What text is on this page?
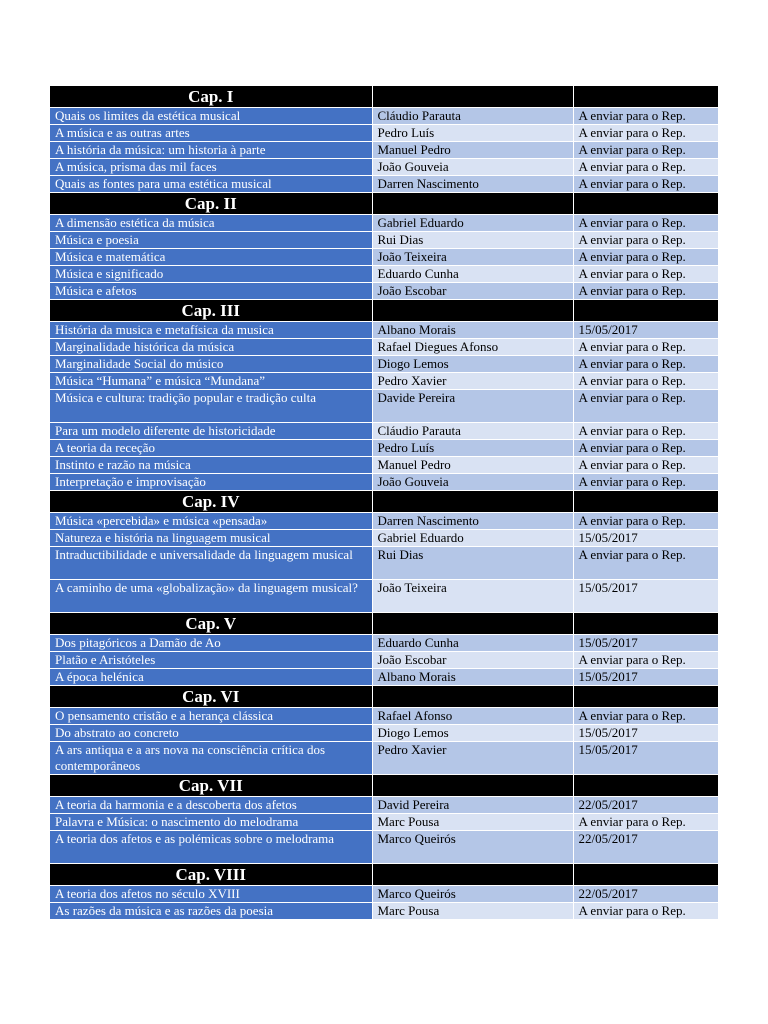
Cap. I		
Quais os limites da estética musical	Cláudio Parauta	A enviar para o Rep.
A música e as outras artes	Pedro Luís	A enviar para o Rep.
A história da música: um historia à parte	Manuel Pedro	A enviar para o Rep.
A música, prisma das mil faces	João Gouveia	A enviar para o Rep.
Quais as fontes para uma estética musical	Darren Nascimento	A enviar para o Rep.
Cap. II		
A dimensão estética da música	Gabriel Eduardo	A enviar para o Rep.
Música e poesia	Rui Dias	A enviar para o Rep.
Música e matemática	João Teixeira	A enviar para o Rep.
Música e significado	Eduardo Cunha	A enviar para o Rep.
Música e afetos	João Escobar	A enviar para o Rep.
Cap. III		
História da musica e metafísica da musica	Albano Morais	15/05/2017
Marginalidade histórica da música	Rafael Diegues Afonso	A enviar para o Rep.
Marginalidade Social do músico	Diogo Lemos	A enviar para o Rep.
Música “Humana” e música “Mundana”	Pedro Xavier	A enviar para o Rep.
Música e cultura: tradição popular e tradição culta	Davide Pereira	A enviar para o Rep.
Para um modelo diferente de historicidade	Cláudio Parauta	A enviar para o Rep.
A teoria da receção	Pedro Luís	A enviar para o Rep.
Instinto e razão na música	Manuel Pedro	A enviar para o Rep.
Interpretação e improvisação	João Gouveia	A enviar para o Rep.
Cap. IV		
Música «percebida» e música «pensada»	Darren Nascimento	A enviar para o Rep.
Natureza e história na linguagem musical	Gabriel Eduardo	15/05/2017
Intraductibilidade e universalidade da linguagem musical	Rui Dias	A enviar para o Rep.
A caminho de uma «globalização» da linguagem musical?	João Teixeira	15/05/2017
Cap. V		
Dos pitagóricos a Damão de Ao	Eduardo Cunha	15/05/2017
Platão e Aristóteles	João Escobar	A enviar para o Rep.
A época helénica	Albano Morais	15/05/2017
Cap. VI		
O pensamento cristão e a herança clássica	Rafael Afonso	A enviar para o Rep.
Do abstrato ao concreto	Diogo Lemos	15/05/2017
A ars antiqua e a ars nova na consciência crítica dos contemporâneos	Pedro Xavier	15/05/2017
Cap. VII		
A teoria da harmonia e a descoberta dos afetos	David Pereira	22/05/2017
Palavra e Música: o nascimento do melodrama	Marc Pousa	A enviar para o Rep.
A teoria dos afetos e as polémicas sobre o melodrama	Marco Queirós	22/05/2017
Cap. VIII		
A teoria dos afetos no século XVIII	Marco Queirós	22/05/2017
As razões da música e as razões da poesia	Marc Pousa	A enviar para o Rep.
